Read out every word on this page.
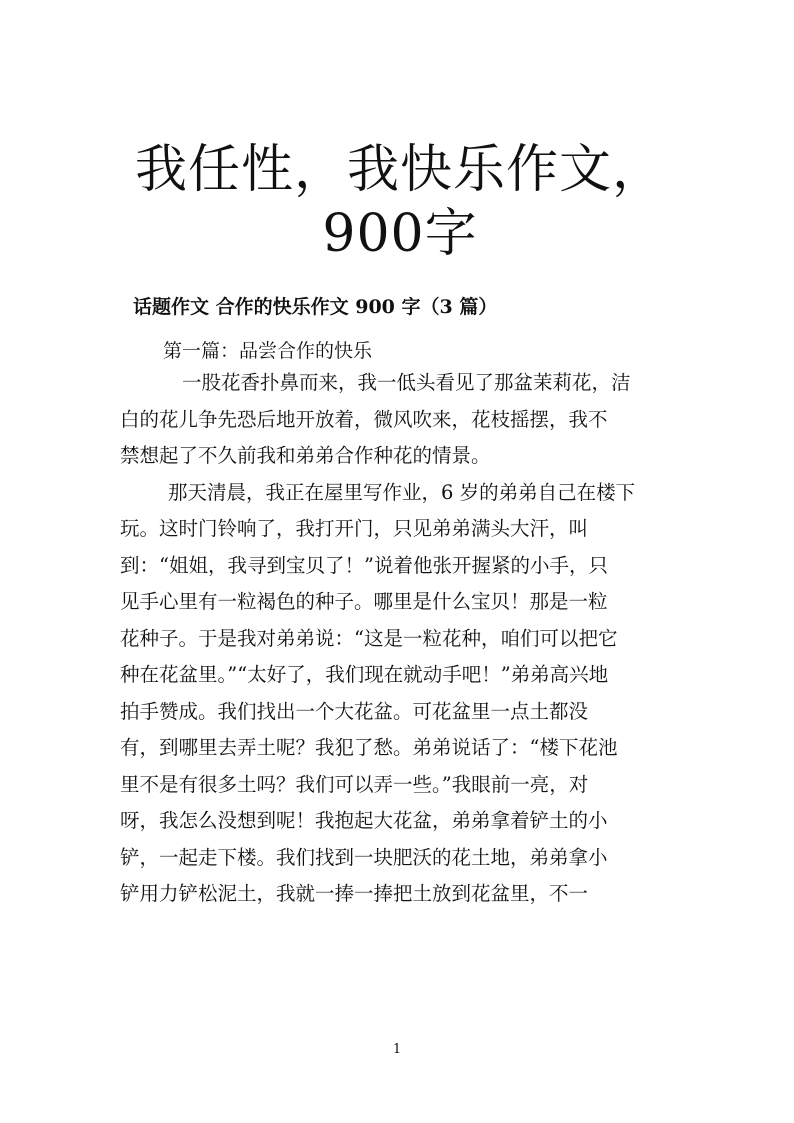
我任性，我快乐作文，900字
话题作文 合作的快乐作文 900 字（3 篇）
第一篇：品尝合作的快乐
一股花香扑鼻而来，我一低头看见了那盆茉莉花，洁
白的花儿争先恐后地开放着，微风吹来，花枝摇摆，我不
禁想起了不久前我和弟弟合作种花的情景。
那天清晨，我正在屋里写作业，6 岁的弟弟自己在楼下
玩。这时门铃响了，我打开门，只见弟弟满头大汗，叫
到：“姐姐，我寻到宝贝了！”说着他张开握紧的小手，只
见手心里有一粒褐色的种子。哪里是什么宝贝！那是一粒
花种子。于是我对弟弟说：“这是一粒花种，咱们可以把它
种在花盆里。”“太好了，我们现在就动手吧！”弟弟高兴地
拍手赞成。我们找出一个大花盆。可花盆里一点土都没
有，到哪里去弄土呢？我犯了愁。弟弟说话了：“楼下花池
里不是有很多土吗？我们可以弄一些。”我眼前一亮，对
呀，我怎么没想到呢！我抱起大花盆，弟弟拿着铲土的小
铲，一起走下楼。我们找到一块肥沃的花土地，弟弟拿小
铲用力铲松泥土，我就一捧一捧把土放到花盆里，不一
1
